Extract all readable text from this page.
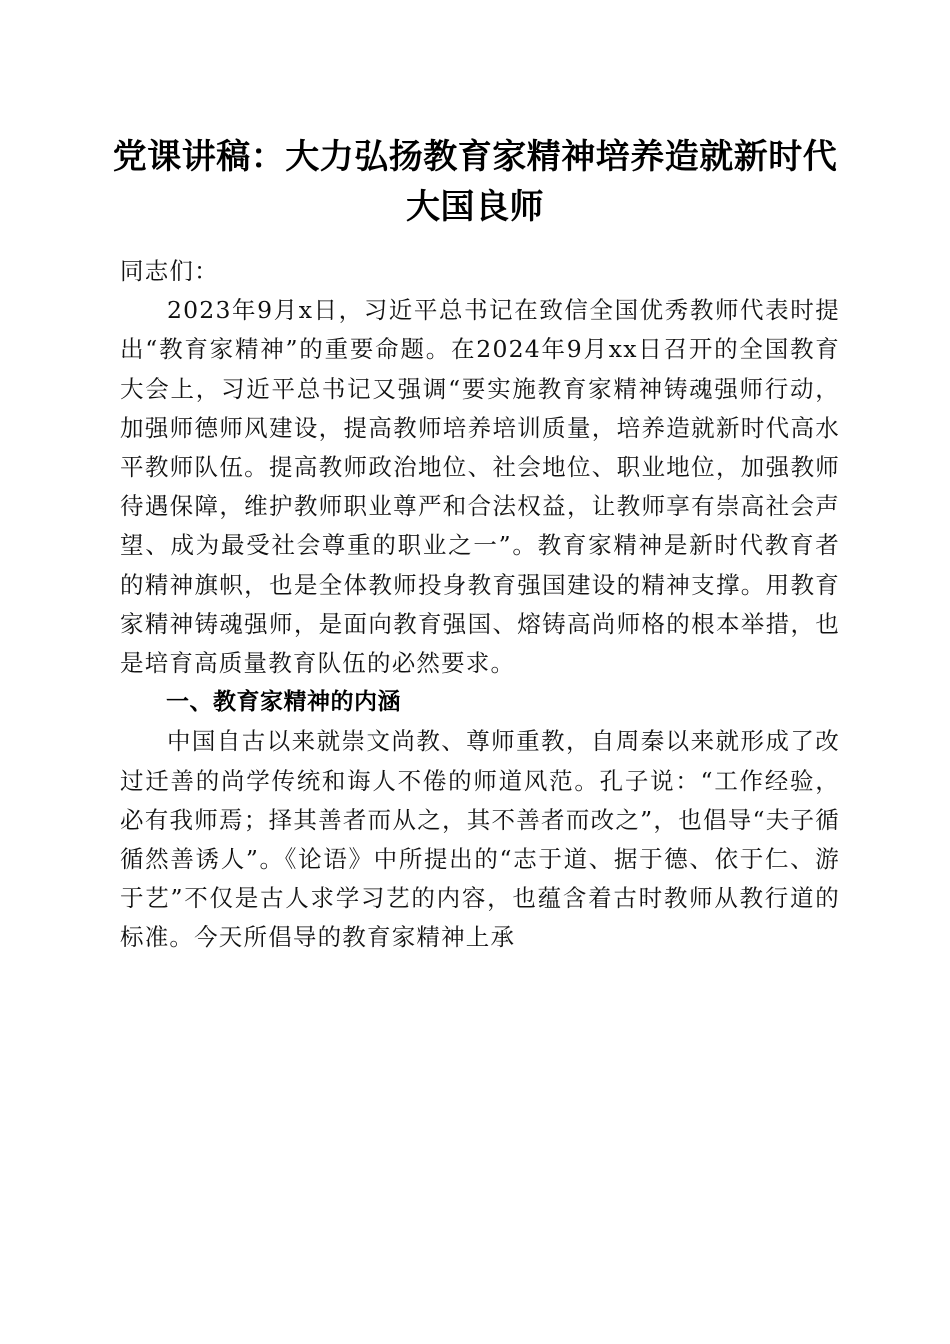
党课讲稿：大力弘扬教育家精神培养造就新时代大国良师

同志们：

2023年9月x日，习近平总书记在致信全国优秀教师代表时提出“教育家精神”的重要命题。在2024年9月xx日召开的全国教育大会上，习近平总书记又强调“要实施教育家精神铸魂强师行动，加强师德师风建设，提高教师培养培训质量，培养造就新时代高水平教师队伍。提高教师政治地位、社会地位、职业地位，加强教师待遇保障，维护教师职业尊严和合法权益，让教师享有崇高社会声望、成为最受社会尊重的职业之一”。教育家精神是新时代教育者的精神旗帜，也是全体教师投身教育强国建设的精神支撑。用教育家精神铸魂强师，是面向教育强国、熔铸高尚师格的根本举措，也是培育高质量教育队伍的必然要求。

一、教育家精神的内涵

中国自古以来就崇文尚教、尊师重教，自周秦以来就形成了改过迁善的尚学传统和诲人不倦的师道风范。孔子说：“工作经验，必有我师焉；择其善者而从之，其不善者而改之”，也倡导“夫子循循然善诱人”。《论语》中所提出的“志于道、据于德、依于仁、游于艺”不仅是古人求学习艺的内容，也蕴含着古时教师从教行道的标准。今天所倡导的教育家精神上承
